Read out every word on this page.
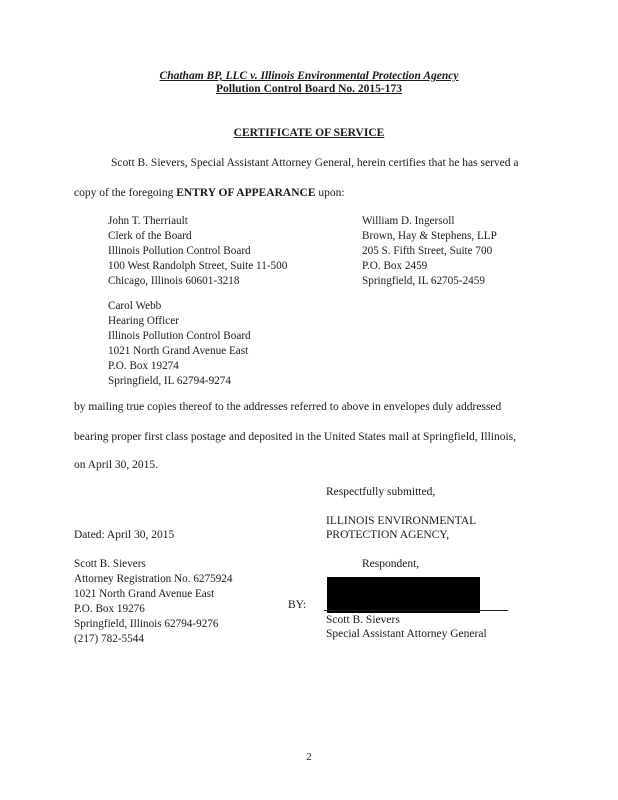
Chatham BP, LLC v. Illinois Environmental Protection Agency
Pollution Control Board No. 2015-173
CERTIFICATE OF SERVICE
Scott B. Sievers, Special Assistant Attorney General, herein certifies that he has served a
copy of the foregoing ENTRY OF APPEARANCE upon:
John T. Therriault
Clerk of the Board
Illinois Pollution Control Board
100 West Randolph Street, Suite 11-500
Chicago, Illinois 60601-3218
William D. Ingersoll
Brown, Hay & Stephens, LLP
205 S. Fifth Street, Suite 700
P.O. Box 2459
Springfield, IL 62705-2459
Carol Webb
Hearing Officer
Illinois Pollution Control Board
1021 North Grand Avenue East
P.O. Box 19274
Springfield, IL 62794-9274
by mailing true copies thereof to the addresses referred to above in envelopes duly addressed
bearing proper first class postage and deposited in the United States mail at Springfield, Illinois,
on April 30, 2015.
Respectfully submitted,
ILLINOIS ENVIRONMENTAL
PROTECTION AGENCY,
Dated: April 30, 2015
Respondent,
Scott B. Sievers
Attorney Registration No. 6275924
1021 North Grand Avenue East
P.O. Box 19276
Springfield, Illinois 62794-9276
(217) 782-5544
BY:
Scott B. Sievers
Special Assistant Attorney General
2
